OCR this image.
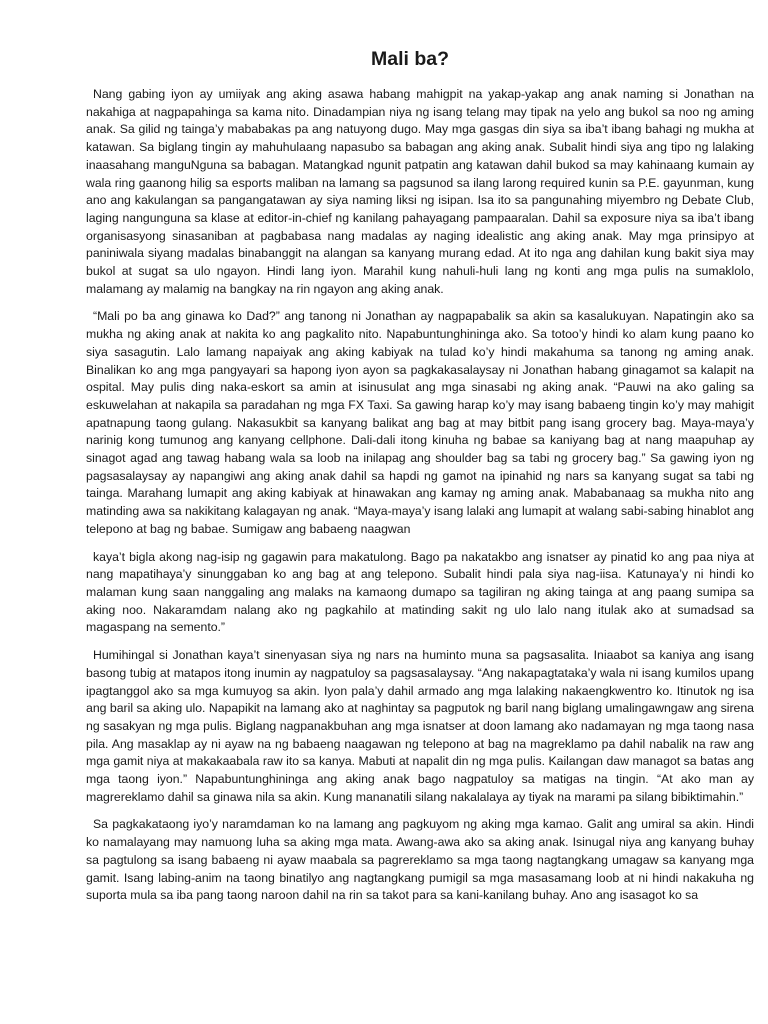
Mali ba?

Nang gabing iyon ay umiiyak ang aking asawa habang mahigpit na yakap-yakap ang anak naming si Jonathan na nakahiga at nagpapahinga sa kama nito. Dinadampian niya ng isang telang may tipak na yelo ang bukol sa noo ng aming anak. Sa gilid ng tainga’y mababakas pa ang natuyong dugo. May mga gasgas din siya sa iba’t ibang bahagi ng mukha at katawan. Sa biglang tingin ay mahuhulaang napasubo sa babagan ang aking anak. Subalit hindi siya ang tipo ng lalaking inaasahang manguNguna sa babagan. Matangkad ngunit patpatin ang katawan dahil bukod sa may kahinaang kumain ay wala ring gaanong hilig sa esports maliban na lamang sa pagsunod sa ilang larong required kunin sa P.E. gayunman, kung ano ang kakulangan sa pangangatawan ay siya naming liksi ng isipan. Isa ito sa pangunahing miyembro ng Debate Club, laging nangunguna sa klase at editor-in-chief ng kanilang pahayagang pampaaralan. Dahil sa exposure niya sa iba’t ibang organisasyong sinasaniban at pagbabasa nang madalas ay naging idealistic ang aking anak. May mga prinsipyo at paniniwala siyang madalas binabanggit na alangan sa kanyang murang edad. At ito nga ang dahilan kung bakit siya may bukol at sugat sa ulo ngayon. Hindi lang iyon. Marahil kung nahuli-huli lang ng konti ang mga pulis na sumaklolo, malamang ay malamig na bangkay na rin ngayon ang aking anak.

“Mali po ba ang ginawa ko Dad?” ang tanong ni Jonathan ay nagpapabalik sa akin sa kasalukuyan. Napatingin ako sa mukha ng aking anak at nakita ko ang pagkalito nito. Napabuntunghininga ako. Sa totoo’y hindi ko alam kung paano ko siya sasagutin. Lalo lamang napaiyak ang aking kabiyak na tulad ko’y hindi makahuma sa tanong ng aming anak. Binalikan ko ang mga pangyayari sa hapong iyon ayon sa pagkakasalaysay ni Jonathan habang ginagamot sa kalapit na ospital. May pulis ding naka-eskort sa amin at isinusulat ang mga sinasabi ng aking anak. “Pauwi na ako galing sa eskuwelahan at nakapila sa paradahan ng mga FX Taxi. Sa gawing harap ko’y may isang babaeng tingin ko’y may mahigit apatnapung taong gulang. Nakasukbit sa kanyang balikat ang bag at may bitbit pang isang grocery bag. Maya-maya’y narinig kong tumunog ang kanyang cellphone. Dali-dali itong kinuha ng babae sa kaniyang bag at nang maapuhap ay sinagot agad ang tawag habang wala sa loob na inilapag ang shoulder bag sa tabi ng grocery bag.” Sa gawing iyon ng pagsasalaysay ay napangiwi ang aking anak dahil sa hapdi ng gamot na ipinahid ng nars sa kanyang sugat sa tabi ng tainga. Marahang lumapit ang aking kabiyak at hinawakan ang kamay ng aming anak. Mababanaag sa mukha nito ang matinding awa sa nakikitang kalagayan ng anak. “Maya-maya’y isang lalaki ang lumapit at walang sabi-sabing hinablot ang telepono at bag ng babae. Sumigaw ang babaeng naagwan

kaya’t bigla akong nag-isip ng gagawin para makatulong. Bago pa nakatakbo ang isnatser ay pinatid ko ang paa niya at nang mapatihaya’y sinunggaban ko ang bag at ang telepono. Subalit hindi pala siya nag-iisa. Katunaya’y ni hindi ko malaman kung saan nanggaling ang malaks na kamaong dumapo sa tagiliran ng aking tainga at ang paang sumipa sa aking noo. Nakaramdam nalang ako ng pagkahilo at matinding sakit ng ulo lalo nang itulak ako at sumadsad sa magaspang na semento.”

Humihingal si Jonathan kaya’t sinenyasan siya ng nars na huminto muna sa pagsasalita. Iniaabot sa kaniya ang isang basong tubig at matapos itong inumin ay nagpatuloy sa pagsasalaysay. “Ang nakapagtataka’y wala ni isang kumilos upang ipagtanggol ako sa mga kumuyog sa akin. Iyon pala’y dahil armado ang mga lalaking nakaengkwentro ko. Itinutok ng isa ang baril sa aking ulo. Napapikit na lamang ako at naghintay sa pagputok ng baril nang biglang umalingawngaw ang sirena ng sasakyan ng mga pulis. Biglang nagpanakbuhan ang mga isnatser at doon lamang ako nadamayan ng mga taong nasa pila. Ang masaklap ay ni ayaw na ng babaeng naagawan ng telepono at bag na magreklamo pa dahil nabalik na raw ang mga gamit niya at makakaabala raw ito sa kanya. Mabuti at napalit din ng mga pulis. Kailangan daw managot sa batas ang mga taong iyon.” Napabuntunghininga ang aking anak bago nagpatuloy sa matigas na tingin. “At ako man ay magrereklamo dahil sa ginawa nila sa akin. Kung mananatili silang nakalalaya ay tiyak na marami pa silang bibiktimahin.”

Sa pagkakataong iyo’y naramdaman ko na lamang ang pagkuyom ng aking mga kamao. Galit ang umiral sa akin. Hindi ko namalayang may namuong luha sa aking mga mata. Awang-awa ako sa aking anak. Isinugal niya ang kanyang buhay sa pagtulong sa isang babaeng ni ayaw maabala sa pagrereklamo sa mga taong nagtangkang umagaw sa kanyang mga gamit. Isang labing-anim na taong binatilyo ang nagtangkang pumigil sa mga masasamang loob at ni hindi nakakuha ng suporta mula sa iba pang taong naroon dahil na rin sa takot para sa kani-kanilang buhay. Ano ang isasagot ko sa
